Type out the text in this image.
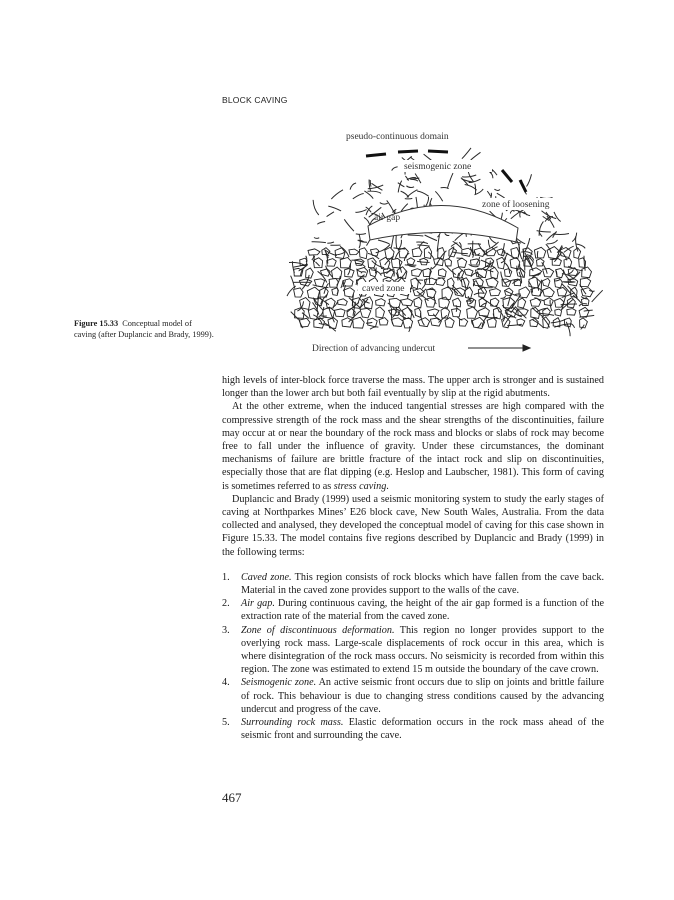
BLOCK CAVING
pseudo-continuous domain
seismogenic zone
zone of loosening
air gap
caved zone
Direction of advancing undercut
Figure 15.33 Conceptual model of caving (after Duplancic and Brady, 1999).

high levels of inter-block force traverse the mass. The upper arch is stronger and is sustained longer than the lower arch but both fail eventually by slip at the rigid abutments.

At the other extreme, when the induced tangential stresses are high compared with the compressive strength of the rock mass and the shear strengths of the discontinuities, failure may occur at or near the boundary of the rock mass and blocks or slabs of rock may become free to fall under the influence of gravity. Under these circumstances, the dominant mechanisms of failure are brittle fracture of the intact rock and slip on discontinuities, especially those that are flat dipping (e.g. Heslop and Laubscher, 1981). This form of caving is sometimes referred to as stress caving.

Duplancic and Brady (1999) used a seismic monitoring system to study the early stages of caving at Northparkes Mines’ E26 block cave, New South Wales, Australia. From the data collected and analysed, they developed the conceptual model of caving for this case shown in Figure 15.33. The model contains five regions described by Duplancic and Brady (1999) in the following terms:

1. Caved zone. This region consists of rock blocks which have fallen from the cave back. Material in the caved zone provides support to the walls of the cave.
2. Air gap. During continuous caving, the height of the air gap formed is a function of the extraction rate of the material from the caved zone.
3. Zone of discontinuous deformation. This region no longer provides support to the overlying rock mass. Large-scale displacements of rock occur in this area, which is where disintegration of the rock mass occurs. No seismicity is recorded from within this region. The zone was estimated to extend 15 m outside the boundary of the cave crown.
4. Seismogenic zone. An active seismic front occurs due to slip on joints and brittle failure of rock. This behaviour is due to changing stress conditions caused by the advancing undercut and progress of the cave.
5. Surrounding rock mass. Elastic deformation occurs in the rock mass ahead of the seismic front and surrounding the cave.
467
